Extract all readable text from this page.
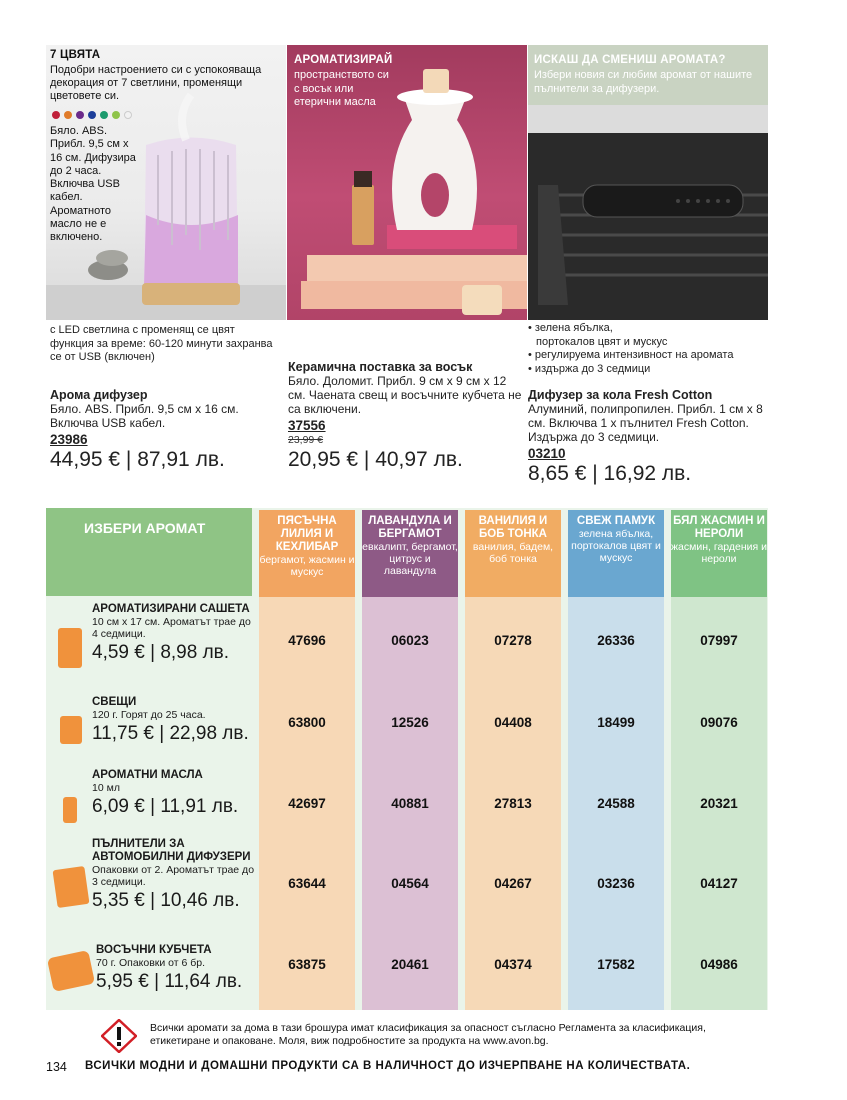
7 ЦВЯТА
Подобри настроението си с успокояваща декорация от 7 светлини, променящи цветовете си.
Бяло. ABS. Прибл. 9,5 см x 16 см. Дифузира до 2 часа. Включва USB кабел. Ароматното масло не е включено.
АРОМАТИЗИРАЙ
пространството си с восък или етерични масла
ИСКАШ ДА СМЕНИШ АРОМАТА?
Избери новия си любим аромат от нашите пълнители за дифузери.
с LED светлина с променящ се цвят функция за време: 60-120 минути захранва се от USB (включен)
Арома дифузер
Бяло. ABS. Прибл. 9,5 см x 16 см. Включва USB кабел.
23986
44,95 € | 87,91 лв.
Керамична поставка за восък
Бяло. Доломит. Прибл. 9 см x 9 см x 12 см. Чаената свещ и восъчните кубчета не са включени.
37556
23,99 €
20,95 € | 40,97 лв.
• зелена ябълка,
портокалов цвят и мускус
• регулируема интензивност на аромата
• издържа до 3 седмици
Дифузер за кола Fresh Cotton
Алуминий, полипропилен. Прибл. 1 см x 8 см. Включва 1 x пълнител Fresh Cotton. Издържа до 3 седмици.
03210
8,65 € | 16,92 лв.
ИЗБЕРИ АРОМАТ	ПЯСЪЧНА ЛИЛИЯ И КЕХЛИБАР
бергамот, жасмин и мускус
ЛАВАНДУЛА И БЕРГАМОТ
евкалипт, бергамот, цитрус и лавандула
ВАНИЛИЯ И БОБ ТОНКА
ванилия, бадем, боб тонка
СВЕЖ ПАМУК
зелена ябълка, портокалов цвят и мускус
БЯЛ ЖАСМИН И НЕРОЛИ
жасмин, гардения и нероли
АРОМАТИЗИРАНИ САШЕТА
10 см x 17 см. Ароматът трае до 4 седмици.
4,59 € | 8,98 лв.
47696	06023	07278	26336	07997
СВЕЩИ
120 г. Горят до 25 часа.
11,75 € | 22,98 лв.
63800	12526	04408	18499	09076
АРОМАТНИ МАСЛА
10 мл
6,09 € | 11,91 лв.	42697	40881	27813	24588	20321
ПЪЛНИТЕЛИ ЗА АВТОМОБИЛНИ ДИФУЗЕРИ
Опаковки от 2. Ароматът трае до 3 седмици.
5,35 € | 10,46 лв.
63644	04564	04267	03236	04127
ВОСЪЧНИ КУБЧЕТА
70 г. Опаковки от 6 бр.
5,95 € | 11,64 лв.
63875	20461	04374	17582	04986
Всички аромати за дома в тази брошура имат класификация за опасност съгласно Регламента за класификация, етикетиране и опаковане. Моля, виж подробностите за продукта на www.avon.bg.
134 ВСИЧКИ МОДНИ И ДОМАШНИ ПРОДУКТИ СА В НАЛИЧНОСТ ДО ИЗЧЕРПВАНЕ НА КОЛИЧЕСТВАТА.
